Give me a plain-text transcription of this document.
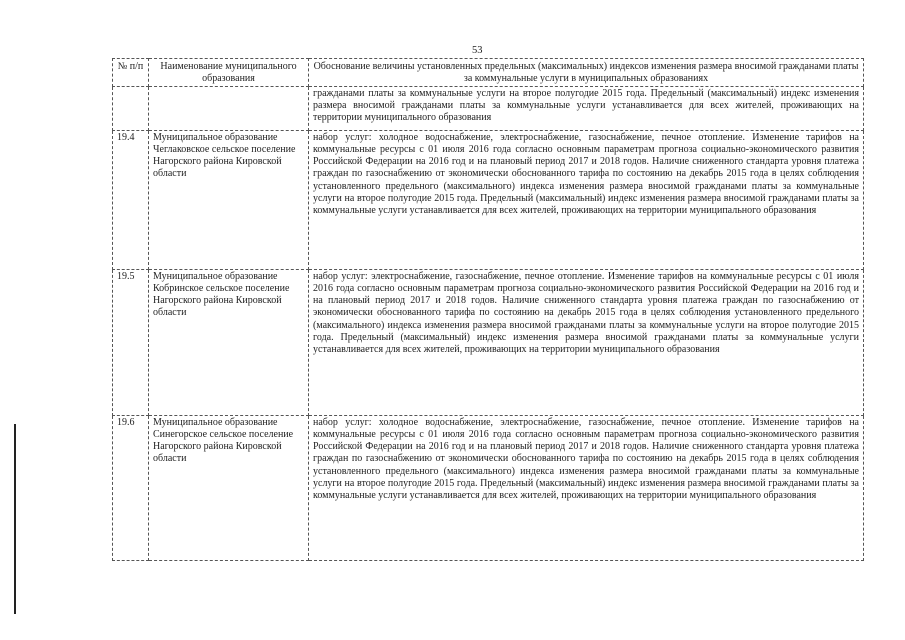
53
№ п/п	Наименование муниципального образования	Обоснование величины установленных предельных (максимальных) индексов изменения размера вносимой гражданами платы за коммунальные услуги в муниципальных образованиях
		гражданами платы за коммунальные услуги на второе полугодие 2015 года. Предельный (максимальный) индекс изменения размера вносимой гражданами платы за коммунальные услуги устанавливается для всех жителей, проживающих на территории муниципального образования
19.4	Муниципальное образование Чеглаковское сельское поселение Нагорского района Кировской области	набор услуг: холодное водоснабжение, электроснабжение, газоснабжение, печное отопление. Изменение тарифов на коммунальные ресурсы с 01 июля 2016 года согласно основным параметрам прогноза социально-экономического развития Российской Федерации на 2016 год и на плановый период 2017 и 2018 годов. Наличие сниженного стандарта уровня платежа граждан по газоснабжению от экономически обоснованного тарифа по состоянию на декабрь 2015 года в целях соблюдения установленного предельного (максимального) индекса изменения размера вносимой гражданами платы за коммунальные услуги на второе полугодие 2015 года. Предельный (максимальный) индекс изменения размера вносимой гражданами платы за коммунальные услуги устанавливается для всех жителей, проживающих на территории муниципального образования
19.5	Муниципальное образование Кобринское сельское поселение Нагорского района Кировской области	набор услуг: электроснабжение, газоснабжение, печное отопление. Изменение тарифов на коммунальные ресурсы с 01 июля 2016 года согласно основным параметрам прогноза социально-экономического развития Российской Федерации на 2016 год и на плановый период 2017 и 2018 годов. Наличие сниженного стандарта уровня платежа граждан по газоснабжению от экономически обоснованного тарифа по состоянию на декабрь 2015 года в целях соблюдения установленного предельного (максимального) индекса изменения размера вносимой гражданами платы за коммунальные услуги на второе полугодие 2015 года. Предельный (максимальный) индекс изменения размера вносимой гражданами платы за коммунальные услуги устанавливается для всех жителей, проживающих на территории муниципального образования
19.6	Муниципальное образование Синегорское сельское поселение Нагорского района Кировской области	набор услуг: холодное водоснабжение, электроснабжение, газоснабжение, печное отопление. Изменение тарифов на коммунальные ресурсы с 01 июля 2016 года согласно основным параметрам прогноза социально-экономического развития Российской Федерации на 2016 год и на плановый период 2017 и 2018 годов. Наличие сниженного стандарта уровня платежа граждан по газоснабжению от экономически обоснованного тарифа по состоянию на декабрь 2015 года в целях соблюдения установленного предельного (максимального) индекса изменения размера вносимой гражданами платы за коммунальные услуги на второе полугодие 2015 года. Предельный (максимальный) индекс изменения размера вносимой гражданами платы за коммунальные услуги устанавливается для всех жителей, проживающих на территории муниципального образования
